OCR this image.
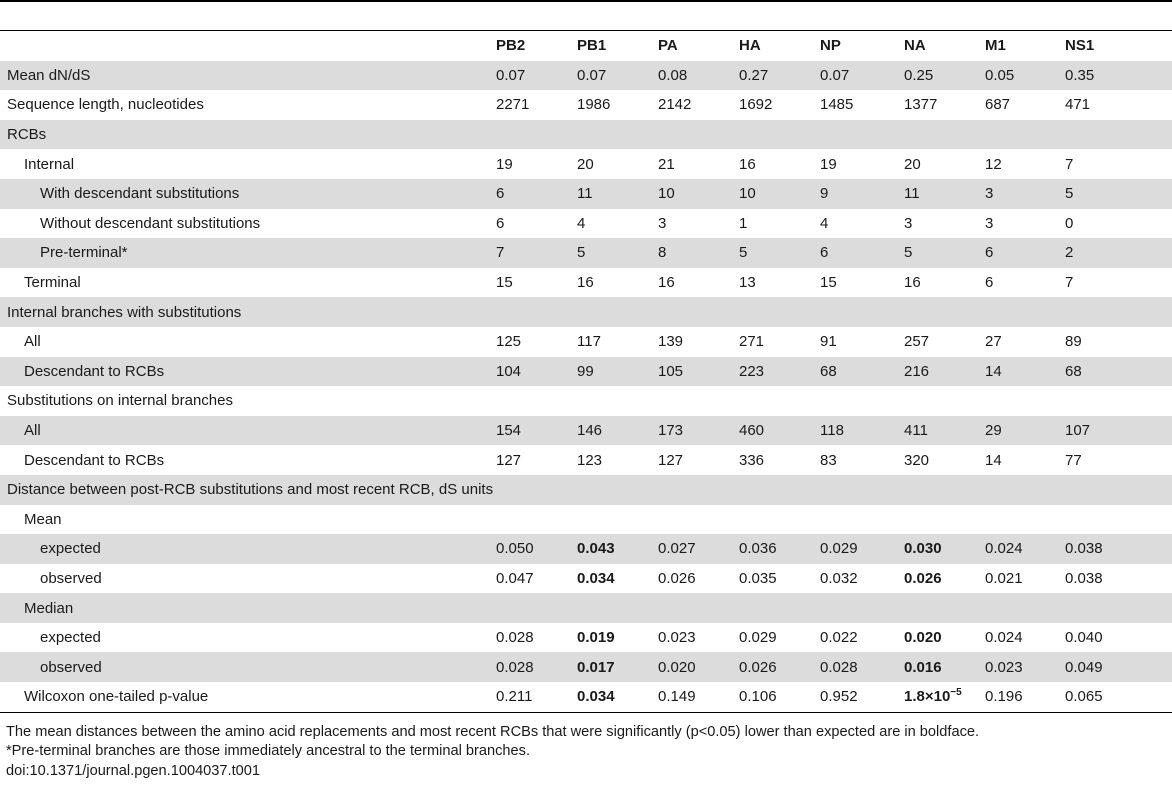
	PB2	PB1	PA	HA	NP	NA	M1	NS1
Mean dN/dS	0.07	0.07	0.08	0.27	0.07	0.25	0.05	0.35
Sequence length, nucleotides	2271	1986	2142	1692	1485	1377	687	471
RCBs								
Internal	19	20	21	16	19	20	12	7
With descendant substitutions	6	11	10	10	9	11	3	5
Without descendant substitutions	6	4	3	1	4	3	3	0
Pre-terminal*	7	5	8	5	6	5	6	2
Terminal	15	16	16	13	15	16	6	7
Internal branches with substitutions								
All	125	117	139	271	91	257	27	89
Descendant to RCBs	104	99	105	223	68	216	14	68
Substitutions on internal branches								
All	154	146	173	460	118	411	29	107
Descendant to RCBs	127	123	127	336	83	320	14	77
Distance between post-RCB substitutions and most recent RCB, dS units								
Mean								
expected	0.050	0.043	0.027	0.036	0.029	0.030	0.024	0.038
observed	0.047	0.034	0.026	0.035	0.032	0.026	0.021	0.038
Median								
expected	0.028	0.019	0.023	0.029	0.022	0.020	0.024	0.040
observed	0.028	0.017	0.020	0.026	0.028	0.016	0.023	0.049
Wilcoxon one-tailed p-value	0.211	0.034	0.149	0.106	0.952	$1.8\times 10^{-5}$	0.196	0.065
The mean distances between the amino acid replacements and most recent RCBs that were significantly (p<0.05) lower than expected are in boldface.
*Pre-terminal branches are those immediately ancestral to the terminal branches.
doi:10.1371/journal.pgen.1004037.t001
